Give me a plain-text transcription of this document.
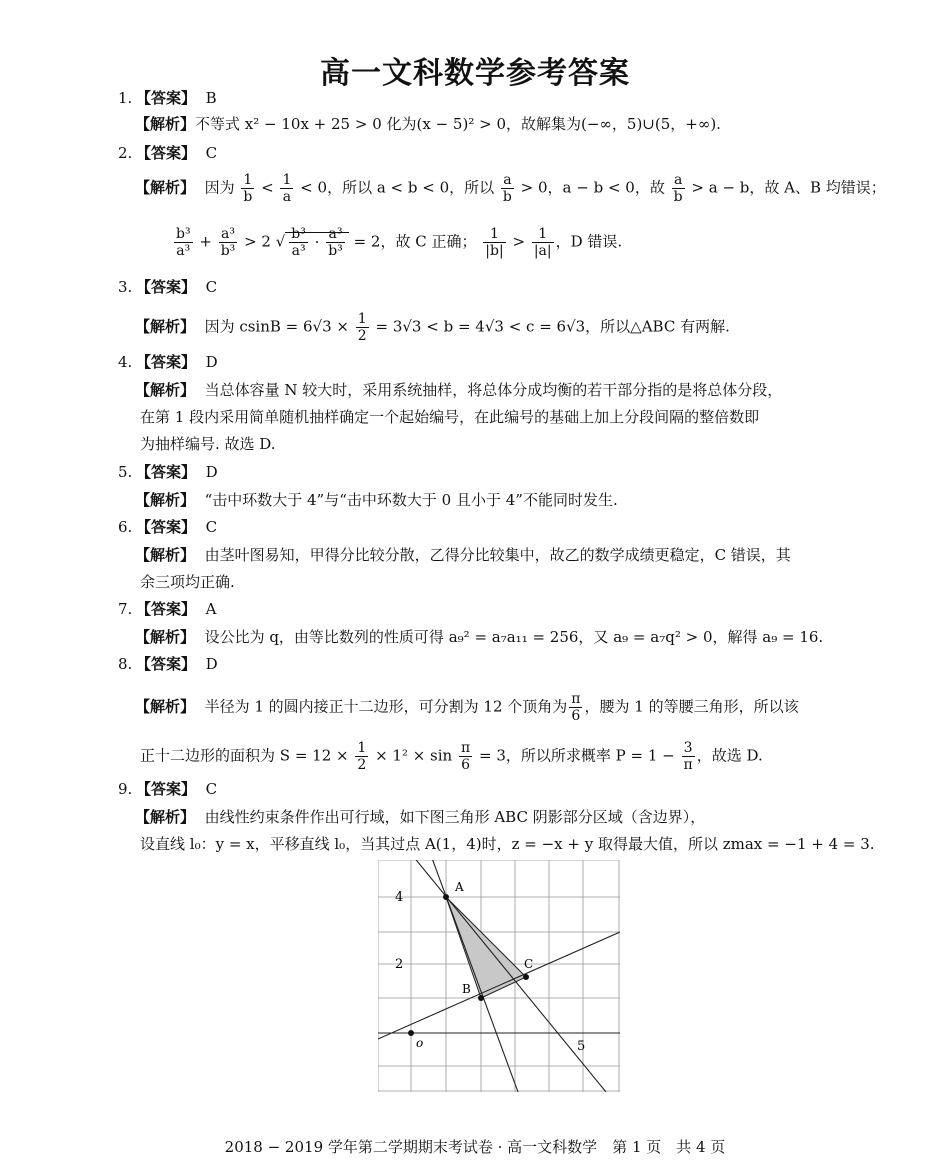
高一文科数学参考答案
1. 【答案】 B
【解析】不等式 x² − 10x + 25 > 0 化为(x − 5)² > 0，故解集为(−∞，5)∪(5，+∞).
2. 【答案】 C
【解析】 因为 $\frac{1}{b} < \frac{1}{a} < 0$，所以 a < b < 0，所以 $\frac{a}{b} > 0$，a − b < 0，故 $\frac{a}{b} > a - b$，故 A、B 均错误；
$\frac{\text{b³}}{\text{a³}} + \frac{\text{a³}}{\text{b³}} > 2$ √ $\frac{\text{b³}}{\text{a³}} \cdot \frac{\text{a³}}{\text{b³}} = 2$，故 C 正确； $\frac{1}{|b|} > \frac{1}{|a|}$ ，D 错误.
3. 【答案】 C
【解析】 因为 $csinB = 6√3 \times \frac{1}{2} = 3√3 < b = 4√3 < c = 6√3$，所以△ABC 有两解.
4. 【答案】 D
【解析】 当总体容量 N 较大时，采用系统抽样，将总体分成均衡的若干部分指的是将总体分段，
在第 1 段内采用简单随机抽样确定一个起始编号，在此编号的基础上加上分段间隔的整倍数即
为抽样编号. 故选 D.
5. 【答案】 D
【解析】 “击中环数大于 4”与“击中环数大于 0 且小于 4”不能同时发生.
6. 【答案】 C
【解析】 由茎叶图易知，甲得分比较分散，乙得分比较集中，故乙的数学成绩更稳定，C 错误，其
余三项均正确.
7. 【答案】 A
【解析】 设公比为 q，由等比数列的性质可得 a₉² = a₇a₁₁ = 256，又 a₉ = a₇q² > 0，解得 a₉ = 16.
8. 【答案】 D
【解析】 半径为 1 的圆内接正十二边形，可分割为 12 个顶角为 $\frac{\pi}{6}$ ，腰为 1 的等腰三角形，所以该
正十二边形的面积为 $S = 12 \times \frac{1}{2} \times 1^2 \times \sin \frac{\pi}{6} = 3$，所以所求概率 $P = 1 - \frac{3}{\pi}$ ，故选 D.
9. 【答案】 C
【解析】 由线性约束条件作出可行域，如下图三角形 ABC 阴影部分区域（含边界），
设直线 l₀：y = x，平移直线 l₀，当其过点 A(1，4)时，z = −x + y 取得最大值，所以 zmax = −1 + 4 = 3.
A
B
C
o
4
2
5
2018 − 2019 学年第二学期期末考试卷 · 高一文科数学　第 1 页　共 4 页
